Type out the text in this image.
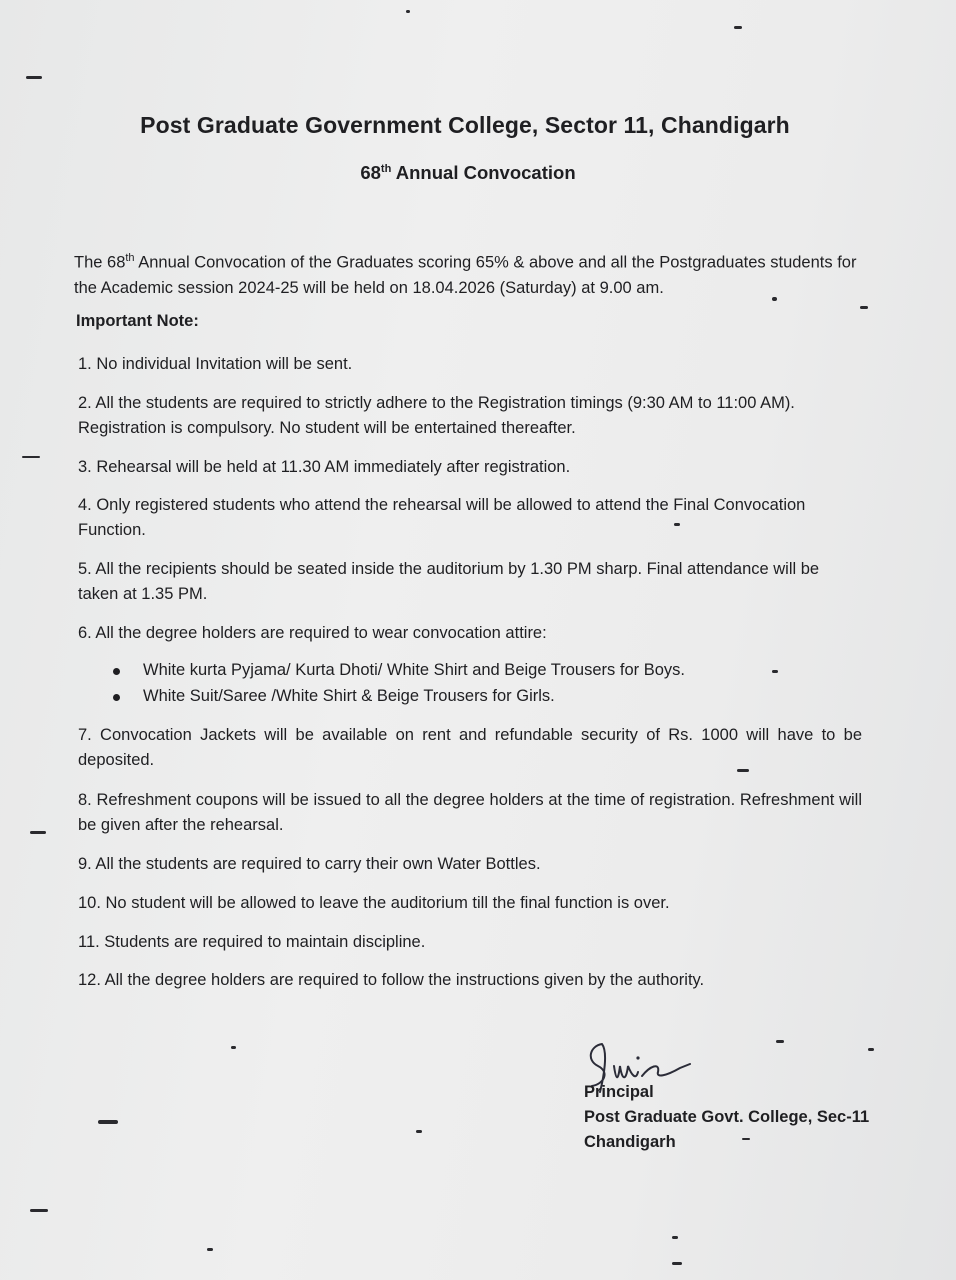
Post Graduate Government College, Sector 11, Chandigarh
68th Annual Convocation
The 68th Annual Convocation of the Graduates scoring 65% & above and all the Postgraduates students for the Academic session 2024-25 will be held on 18.04.2026 (Saturday) at 9.00 am.
Important Note:
1. No individual Invitation will be sent.
2. All the students are required to strictly adhere to the Registration timings (9:30 AM to 11:00 AM). Registration is compulsory. No student will be entertained thereafter.
3. Rehearsal will be held at 11.30 AM immediately after registration.
4. Only registered students who attend the rehearsal will be allowed to attend the Final Convocation Function.
5. All the recipients should be seated inside the auditorium by 1.30 PM sharp. Final attendance will be taken at 1.35 PM.
6. All the degree holders are required to wear convocation attire:
White kurta Pyjama/ Kurta Dhoti/ White Shirt and Beige Trousers for Boys.
White Suit/Saree /White Shirt & Beige Trousers for Girls.
7. Convocation Jackets will be available on rent and refundable security of Rs. 1000 will have to be deposited.
8. Refreshment coupons will be issued to all the degree holders at the time of registration. Refreshment will be given after the rehearsal.
9. All the students are required to carry their own Water Bottles.
10. No student will be allowed to leave the auditorium till the final function is over.
11. Students are required to maintain discipline.
12. All the degree holders are required to follow the instructions given by the authority.
Principal
Post Graduate Govt. College, Sec-11
Chandigarh
